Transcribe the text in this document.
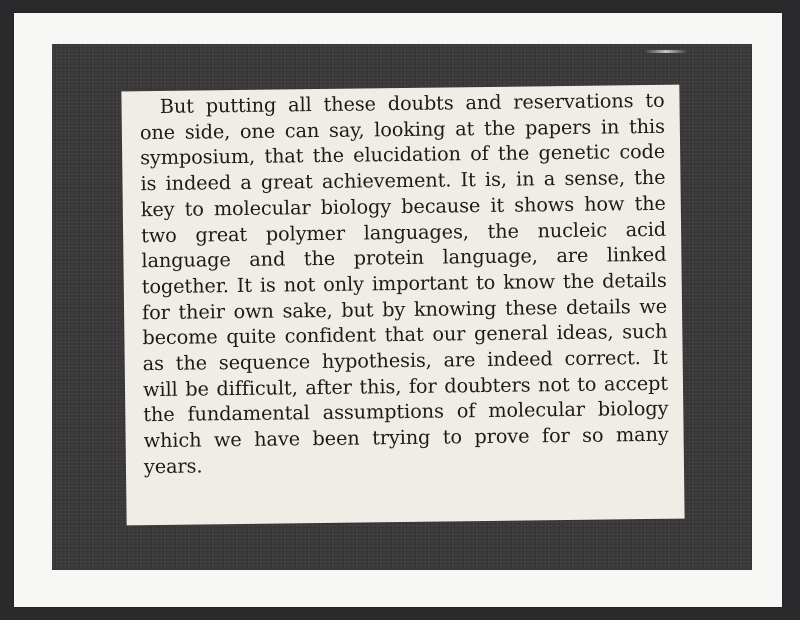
But putting all these doubts and reservations to one side, one can say, looking at the papers in this symposium, that the elucidation of the genetic code is indeed a great achievement. It is, in a sense, the key to molecular biology because it shows how the two great polymer languages, the nucleic acid language and the protein language, are linked together. It is not only important to know the details for their own sake, but by knowing these details we become quite confident that our general ideas, such as the sequence hypothesis, are indeed correct. It will be difficult, after this, for doubters not to accept the fundamental assumptions of molecular biology which we have been trying to prove for so many years.
